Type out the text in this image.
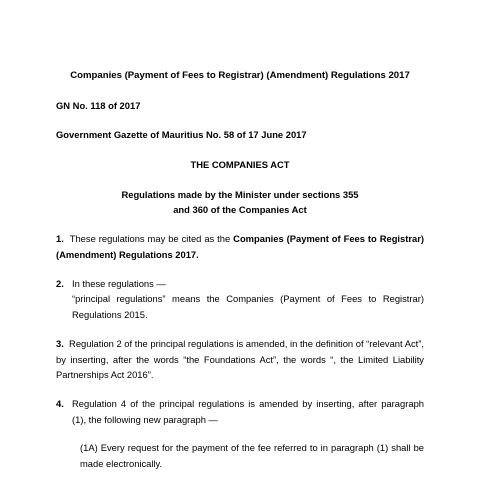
Companies (Payment of Fees to Registrar) (Amendment) Regulations 2017

GN No. 118 of 2017

Government Gazette of Mauritius No. 58 of 17 June 2017

THE COMPANIES ACT

Regulations made by the Minister under sections 355

and 360 of the Companies Act

1. These regulations may be cited as the Companies (Payment of Fees to Registrar) (Amendment) Regulations 2017.

2. In these regulations —

“principal regulations” means the Companies (Payment of Fees to Registrar) Regulations 2015.

3. Regulation 2 of the principal regulations is amended, in the definition of “relevant Act”, by inserting, after the words “the Foundations Act”, the words “, the Limited Liability Partnerships Act 2016”.

4. Regulation 4 of the principal regulations is amended by inserting, after paragraph (1), the following new paragraph —

(1A) Every request for the payment of the fee referred to in paragraph (1) shall be made electronically.
